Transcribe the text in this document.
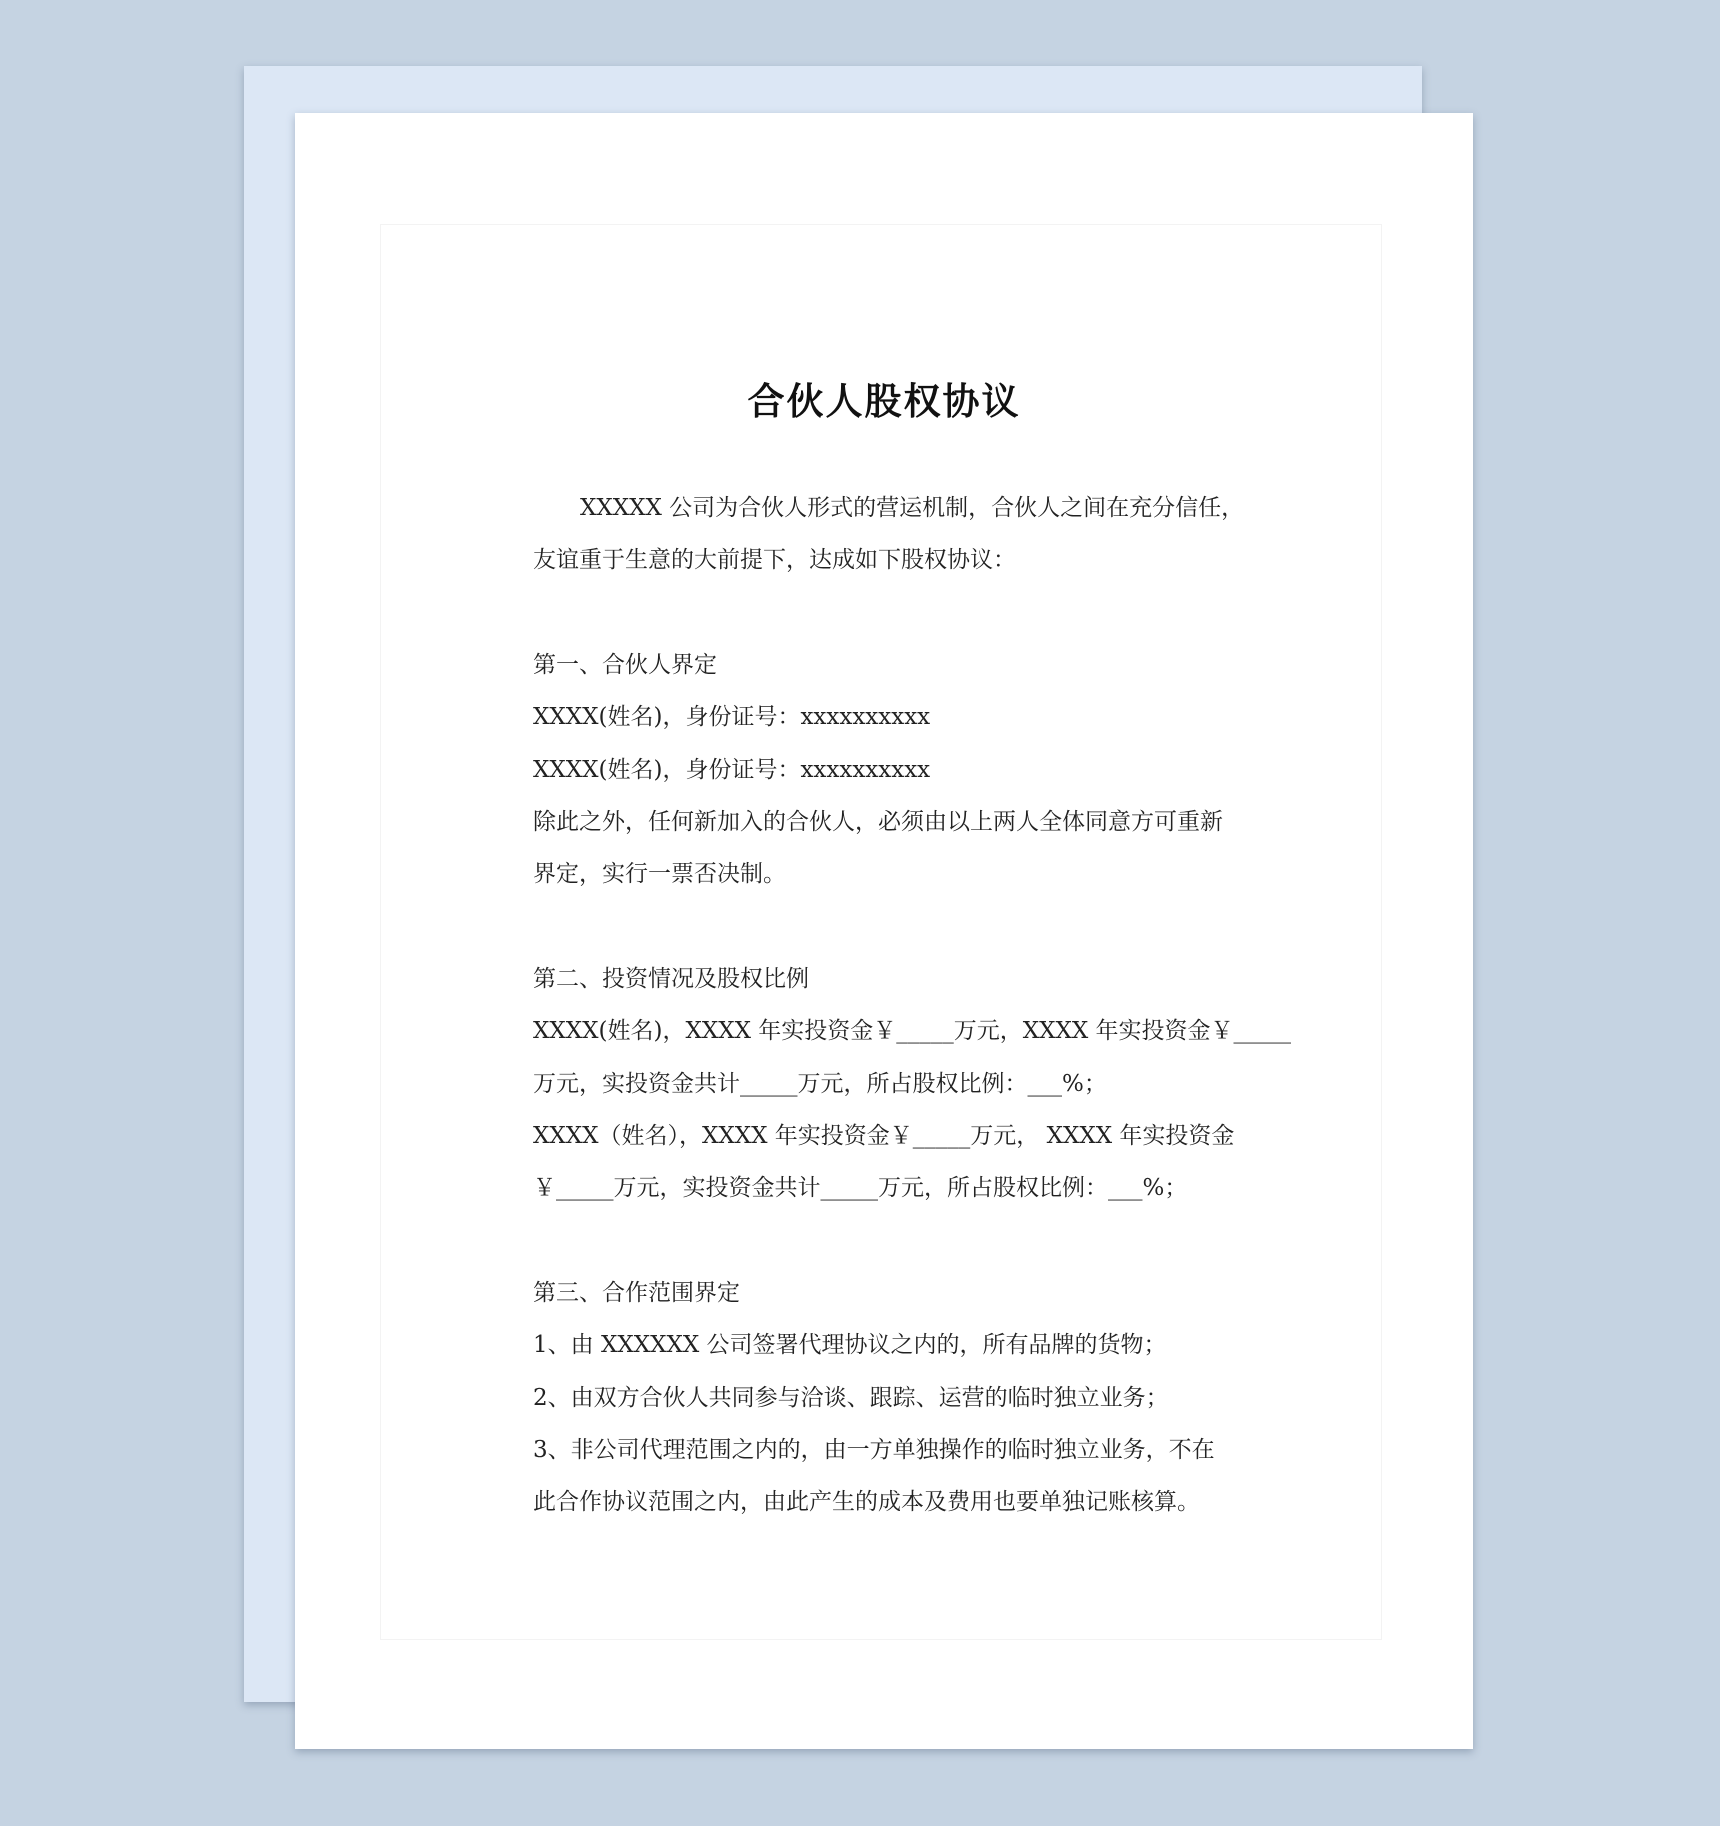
合伙人股权协议

XXXXX 公司为合伙人形式的营运机制，合伙人之间在充分信任，

友谊重于生意的大前提下，达成如下股权协议：

第一、合伙人界定

XXXX(姓名)，身份证号：xxxxxxxxxx

XXXX(姓名)，身份证号：xxxxxxxxxx

除此之外，任何新加入的合伙人，必须由以上两人全体同意方可重新

界定，实行一票否决制。

第二、投资情况及股权比例

XXXX(姓名)，XXXX 年实投资金￥_____万元，XXXX 年实投资金￥_____

万元，实投资金共计_____万元，所占股权比例：___%；

XXXX（姓名），XXXX 年实投资金￥_____万元， XXXX 年实投资金

￥_____万元，实投资金共计_____万元，所占股权比例：___%；

第三、合作范围界定

1、由 XXXXXX 公司签署代理协议之内的，所有品牌的货物；

2、由双方合伙人共同参与洽谈、跟踪、运营的临时独立业务；

3、非公司代理范围之内的，由一方单独操作的临时独立业务，不在

此合作协议范围之内，由此产生的成本及费用也要单独记账核算。
